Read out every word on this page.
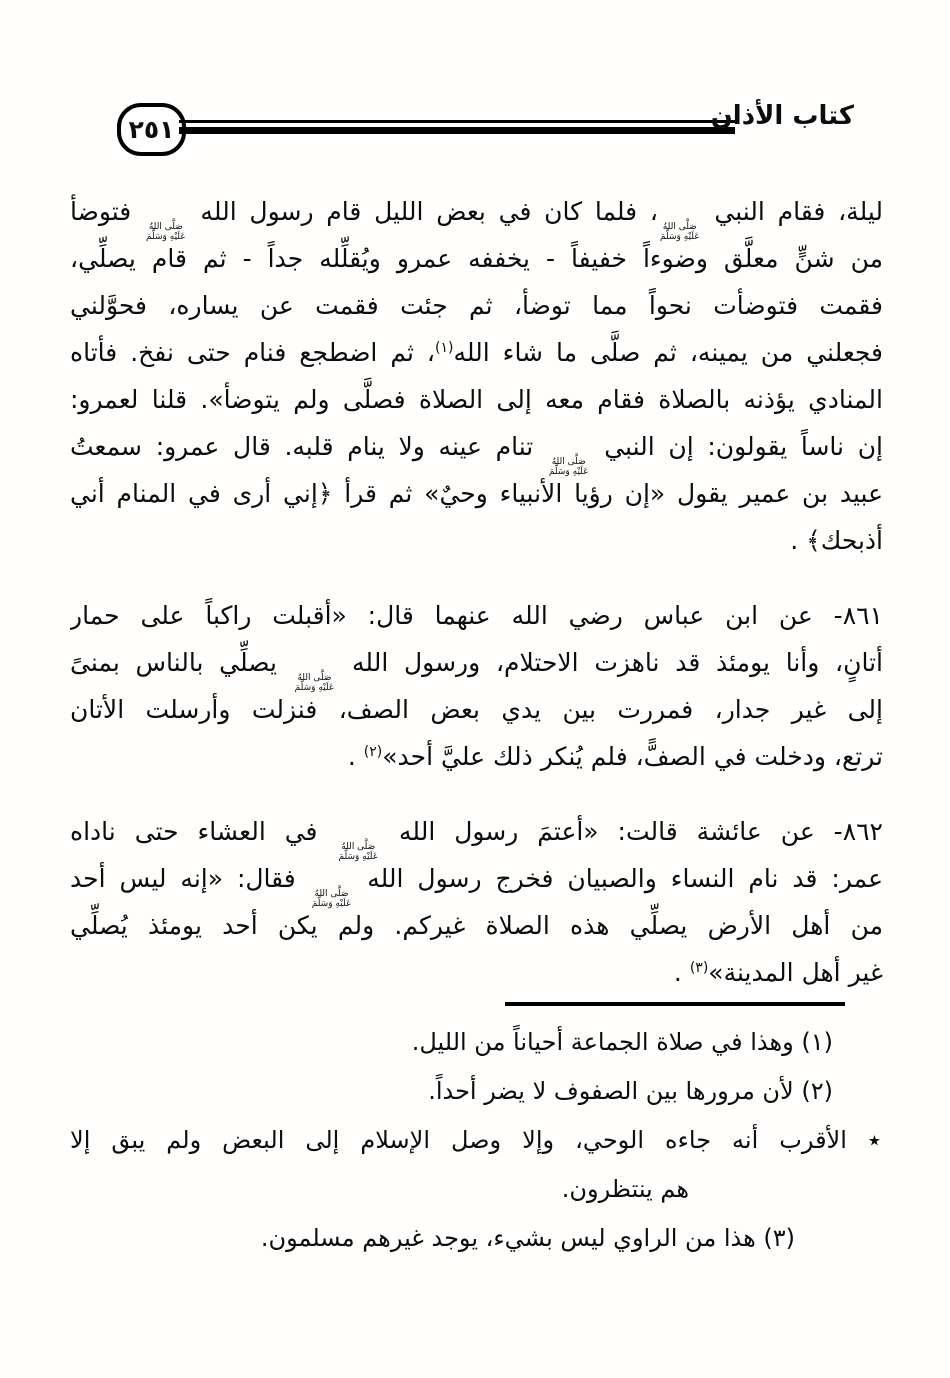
٢٥١	كتاب الأذان
ليلة، فقام النبي
صَلَّى اللهُ
عَلَيْهِ وَسَلَّمَ
، فلما كان في بعض الليل قام رسول الله
صَلَّى اللهُ
عَلَيْهِ وَسَلَّمَ
فتوضأ
من شنٍّ معلَّق وضوءاً خفيفاً - يخففه عمرو ويُقلِّله جداً - ثم قام يصلِّي،
فقمت فتوضأت نحواً مما توضأ، ثم جئت فقمت عن يساره، فحوَّلني
فجعلني من يمينه، ثم صلَّى ما شاء الله$^{(١)}$، ثم اضطجع فنام حتى نفخ. فأتاه
المنادي يؤذنه بالصلاة فقام معه إلى الصلاة فصلَّى ولم يتوضأ». قلنا لعمرو:
إن ناساً يقولون: إن النبي
صَلَّى اللهُ
عَلَيْهِ وَسَلَّمَ
تنام عينه ولا ينام قلبه. قال عمرو: سمعتُ
عبيد بن عمير يقول «إن رؤيا الأنبياء وحيٌ» ثم قرأ ﴿إني أرى في المنام أني
أذبحك﴾ .
٨٦١- عن ابن عباس رضي الله عنهما قال: «أقبلت راكباً على حمار
أتانٍ، وأنا يومئذ قد ناهزت الاحتلام، ورسول الله
صَلَّى اللهُ
عَلَيْهِ وَسَلَّمَ
يصلِّي بالناس بمنىً
إلى غير جدار، فمررت بين يدي بعض الصف، فنزلت وأرسلت الأتان
ترتع، ودخلت في الصفًّ، فلم يُنكر ذلك عليَّ أحد»$^{(٢)}$ .
٨٦٢- عن عائشة قالت: «أعتمَ رسول الله
صَلَّى اللهُ
عَلَيْهِ وَسَلَّمَ
في العشاء حتى ناداه
عمر: قد نام النساء والصبيان فخرج رسول الله
صَلَّى اللهُ
عَلَيْهِ وَسَلَّمَ
فقال: «إنه ليس أحد
من أهل الأرض يصلِّي هذه الصلاة غيركم. ولم يكن أحد يومئذ يُصلِّي
غير أهل المدينة»$^{(٣)}$ .
(١) وهذا في صلاة الجماعة أحياناً من الليل.
(٢) لأن مرورها بين الصفوف لا يضر أحداً.
٭ الأقرب أنه جاءه الوحي، وإلا وصل الإسلام إلى البعض ولم يبق إلا
هم ينتظرون.
(٣) هذا من الراوي ليس بشيء، يوجد غيرهم مسلمون.
